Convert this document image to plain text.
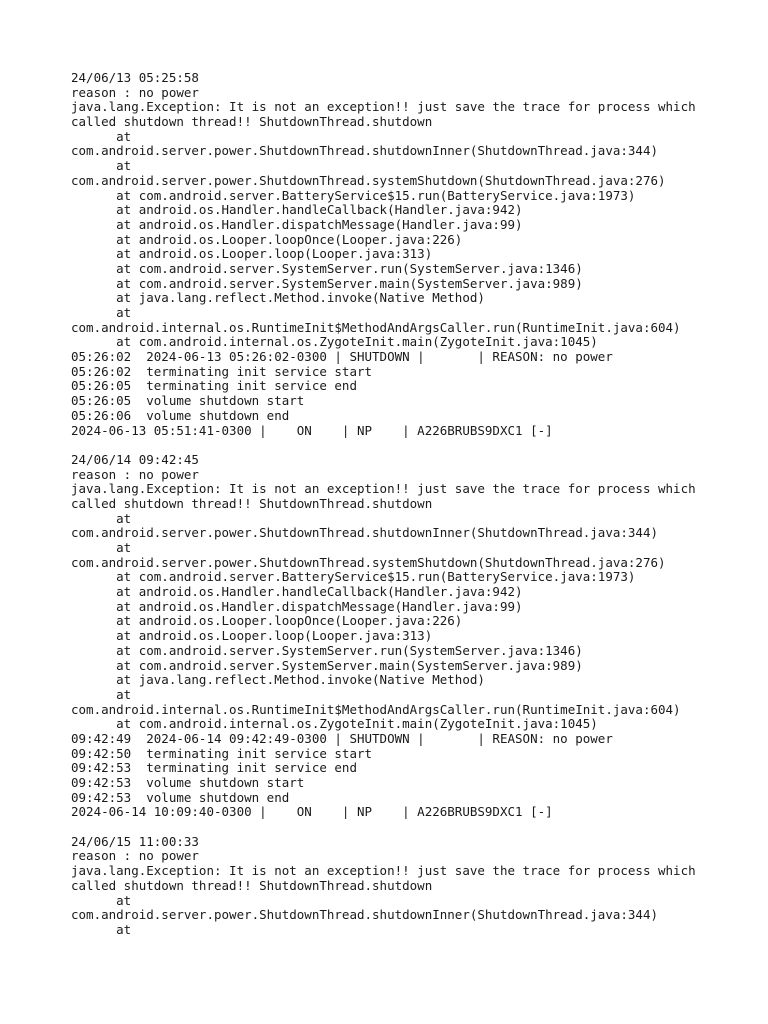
24/06/13 05:25:58
reason : no power
java.lang.Exception: It is not an exception!! just save the trace for process which
called shutdown thread!! ShutdownThread.shutdown
at
com.android.server.power.ShutdownThread.shutdownInner(ShutdownThread.java:344)
at
com.android.server.power.ShutdownThread.systemShutdown(ShutdownThread.java:276)
at com.android.server.BatteryService$15.run(BatteryService.java:1973)
at android.os.Handler.handleCallback(Handler.java:942)
at android.os.Handler.dispatchMessage(Handler.java:99)
at android.os.Looper.loopOnce(Looper.java:226)
at android.os.Looper.loop(Looper.java:313)
at com.android.server.SystemServer.run(SystemServer.java:1346)
at com.android.server.SystemServer.main(SystemServer.java:989)
at java.lang.reflect.Method.invoke(Native Method)
at
com.android.internal.os.RuntimeInit$MethodAndArgsCaller.run(RuntimeInit.java:604)
at com.android.internal.os.ZygoteInit.main(ZygoteInit.java:1045)
05:26:02  2024-06-13 05:26:02-0300 | SHUTDOWN |       | REASON: no power
05:26:02  terminating init service start
05:26:05  terminating init service end
05:26:05  volume shutdown start
05:26:06  volume shutdown end
2024-06-13 05:51:41-0300 |    ON    | NP    | A226BRUBS9DXC1 [-]
24/06/14 09:42:45
reason : no power
java.lang.Exception: It is not an exception!! just save the trace for process which
called shutdown thread!! ShutdownThread.shutdown
at
com.android.server.power.ShutdownThread.shutdownInner(ShutdownThread.java:344)
at
com.android.server.power.ShutdownThread.systemShutdown(ShutdownThread.java:276)
at com.android.server.BatteryService$15.run(BatteryService.java:1973)
at android.os.Handler.handleCallback(Handler.java:942)
at android.os.Handler.dispatchMessage(Handler.java:99)
at android.os.Looper.loopOnce(Looper.java:226)
at android.os.Looper.loop(Looper.java:313)
at com.android.server.SystemServer.run(SystemServer.java:1346)
at com.android.server.SystemServer.main(SystemServer.java:989)
at java.lang.reflect.Method.invoke(Native Method)
at
com.android.internal.os.RuntimeInit$MethodAndArgsCaller.run(RuntimeInit.java:604)
at com.android.internal.os.ZygoteInit.main(ZygoteInit.java:1045)
09:42:49  2024-06-14 09:42:49-0300 | SHUTDOWN |       | REASON: no power
09:42:50  terminating init service start
09:42:53  terminating init service end
09:42:53  volume shutdown start
09:42:53  volume shutdown end
2024-06-14 10:09:40-0300 |    ON    | NP    | A226BRUBS9DXC1 [-]
24/06/15 11:00:33
reason : no power
java.lang.Exception: It is not an exception!! just save the trace for process which
called shutdown thread!! ShutdownThread.shutdown
at
com.android.server.power.ShutdownThread.shutdownInner(ShutdownThread.java:344)
at
